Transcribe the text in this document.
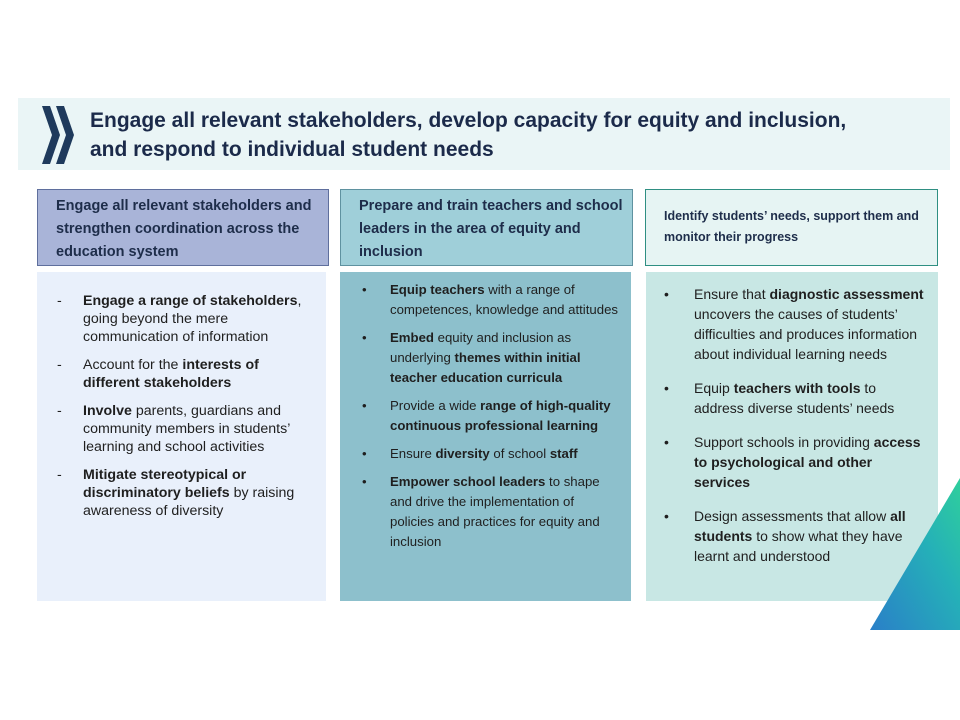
Engage all relevant stakeholders, develop capacity for equity and inclusion, and respond to individual student needs
Engage all relevant stakeholders and strengthen coordination across the education system
Prepare and train teachers and school leaders in the area of equity and inclusion
Identify students’ needs, support them and monitor their progress
- Engage a range of stakeholders, going beyond the mere communication of information
- Account for the interests of different stakeholders
- Involve parents, guardians and community members in students’ learning and school activities
- Mitigate stereotypical or discriminatory beliefs by raising awareness of diversity
• Equip teachers with a range of competences, knowledge and attitudes
• Embed equity and inclusion as underlying themes within initial teacher education curricula
• Provide a wide range of high-quality continuous professional learning
• Ensure diversity of school staff
• Empower school leaders to shape and drive the implementation of policies and practices for equity and inclusion
• Ensure that diagnostic assessment uncovers the causes of students’ difficulties and produces information about individual learning needs
• Equip teachers with tools to address diverse students’ needs
• Support schools in providing access to psychological and other services
• Design assessments that allow all students to show what they have learnt and understood
